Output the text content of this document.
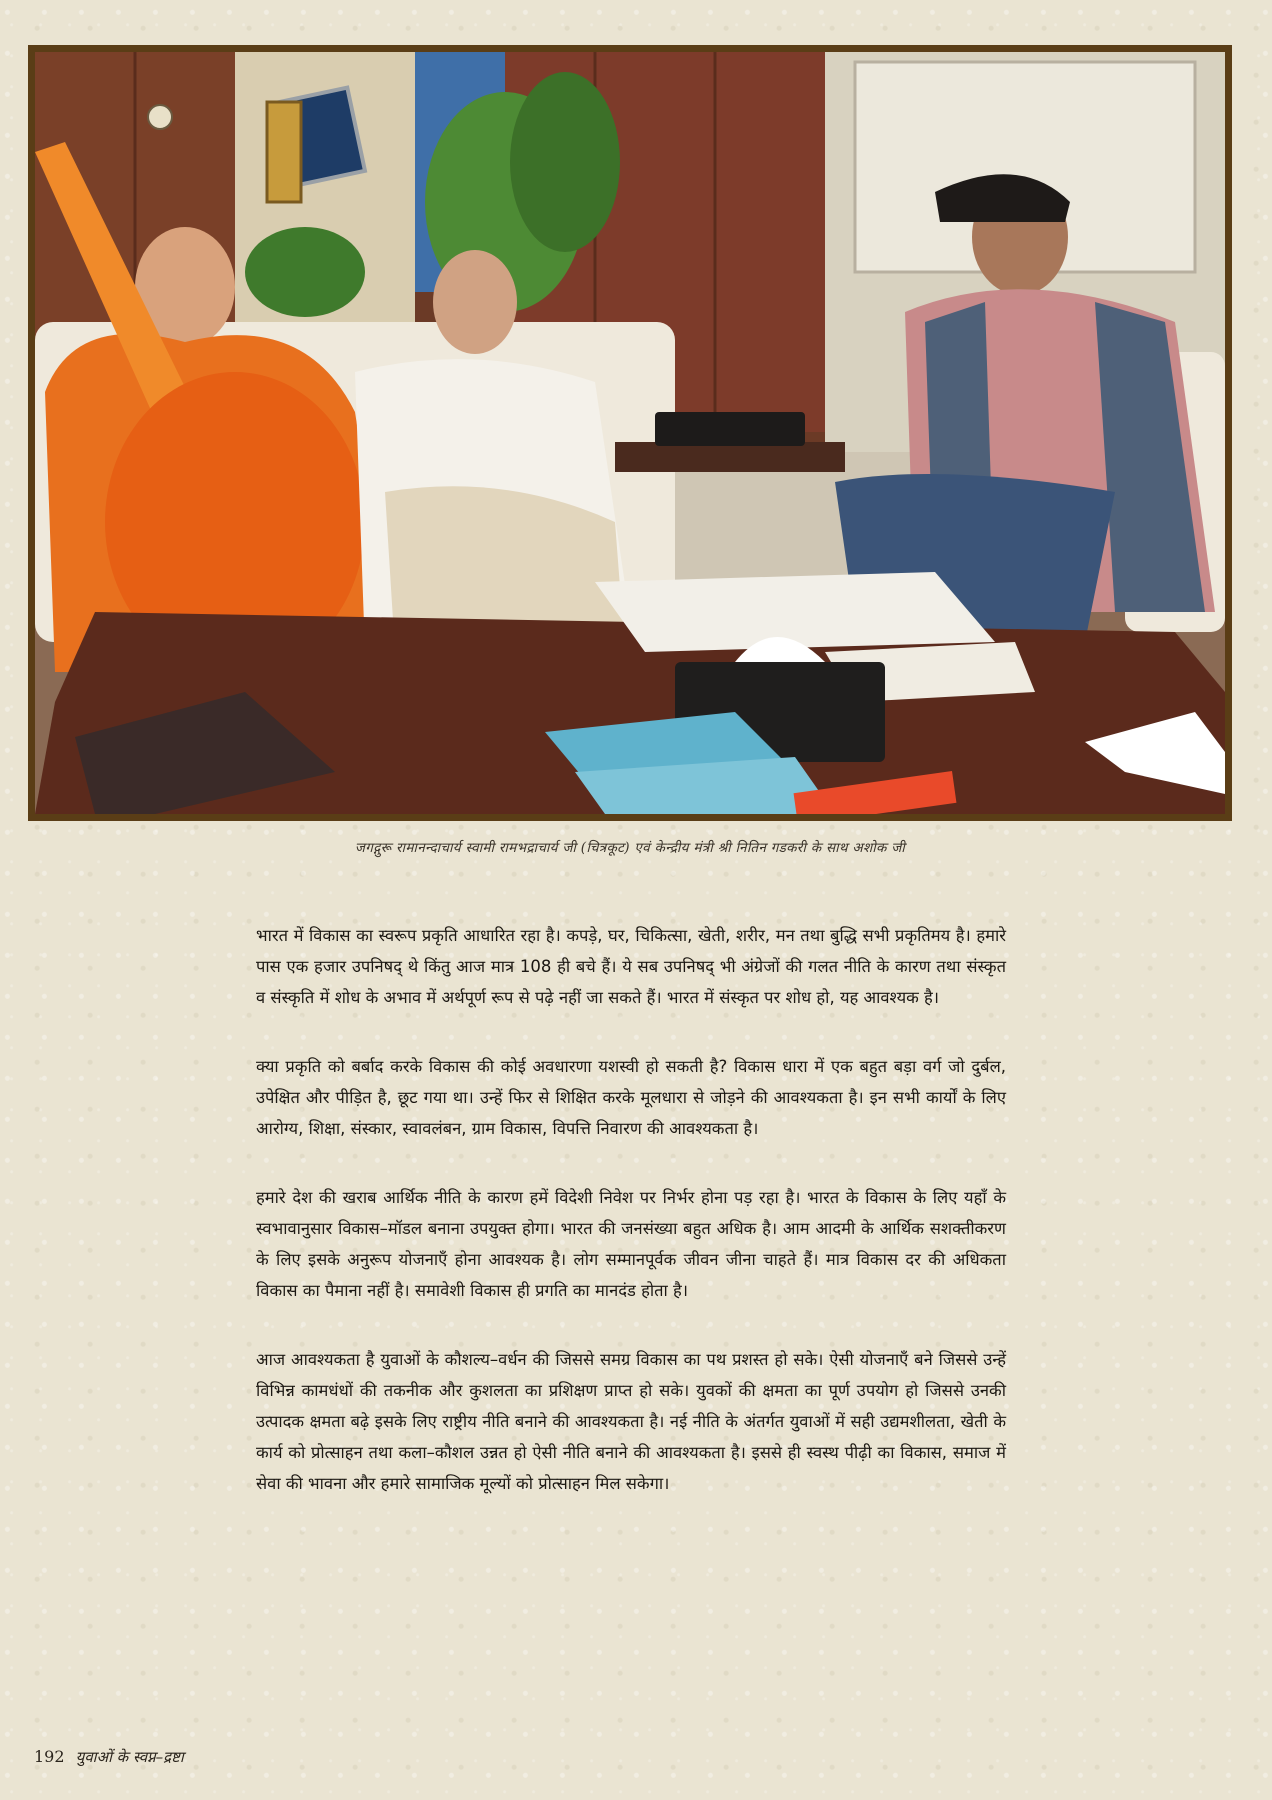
जगद्गुरू रामानन्दाचार्य स्वामी रामभद्राचार्य जी (चित्रकूट) एवं केन्द्रीय मंत्री श्री नितिन गडकरी के साथ अशोक जी

भारत में विकास का स्वरूप प्रकृति आधारित रहा है। कपड़े, घर, चिकित्सा, खेती, शरीर, मन तथा बुद्धि सभी प्रकृतिमय है। हमारे पास एक हजार उपनिषद् थे किंतु आज मात्र 108 ही बचे हैं। ये सब उपनिषद् भी अंग्रेजों की गलत नीति के कारण तथा संस्कृत व संस्कृति में शोध के अभाव में अर्थपूर्ण रूप से पढ़े नहीं जा सकते हैं। भारत में संस्कृत पर शोध हो, यह आवश्यक है।

क्या प्रकृति को बर्बाद करके विकास की कोई अवधारणा यशस्वी हो सकती है? विकास धारा में एक बहुत बड़ा वर्ग जो दुर्बल, उपेक्षित और पीड़ित है, छूट गया था। उन्हें फिर से शिक्षित करके मूलधारा से जोड़ने की आवश्यकता है। इन सभी कार्यों के लिए आरोग्य, शिक्षा, संस्कार, स्वावलंबन, ग्राम विकास, विपत्ति निवारण की आवश्यकता है।

हमारे देश की खराब आर्थिक नीति के कारण हमें विदेशी निवेश पर निर्भर होना पड़ रहा है। भारत के विकास के लिए यहाँ के स्वभावानुसार विकास–मॉडल बनाना उपयुक्त होगा। भारत की जनसंख्या बहुत अधिक है। आम आदमी के आर्थिक सशक्तीकरण के लिए इसके अनुरूप योजनाएँ होना आवश्यक है। लोग सम्मानपूर्वक जीवन जीना चाहते हैं। मात्र विकास दर की अधिकता विकास का पैमाना नहीं है। समावेशी विकास ही प्रगति का मानदंड होता है।

आज आवश्यकता है युवाओं के कौशल्य–वर्धन की जिससे समग्र विकास का पथ प्रशस्त हो सके। ऐसी योजनाएँ बने जिससे उन्हें विभिन्न कामधंधों की तकनीक और कुशलता का प्रशिक्षण प्राप्त हो सके। युवकों की क्षमता का पूर्ण उपयोग हो जिससे उनकी उत्पादक क्षमता बढ़े इसके लिए राष्ट्रीय नीति बनाने की आवश्यकता है। नई नीति के अंतर्गत युवाओं में सही उद्यमशीलता, खेती के कार्य को प्रोत्साहन तथा कला–कौशल उन्नत हो ऐसी नीति बनाने की आवश्यकता है। इससे ही स्वस्थ पीढ़ी का विकास, समाज में सेवा की भावना और हमारे सामाजिक मूल्यों को प्रोत्साहन मिल सकेगा।

192 युवाओं के स्वप्न–द्रष्टा
